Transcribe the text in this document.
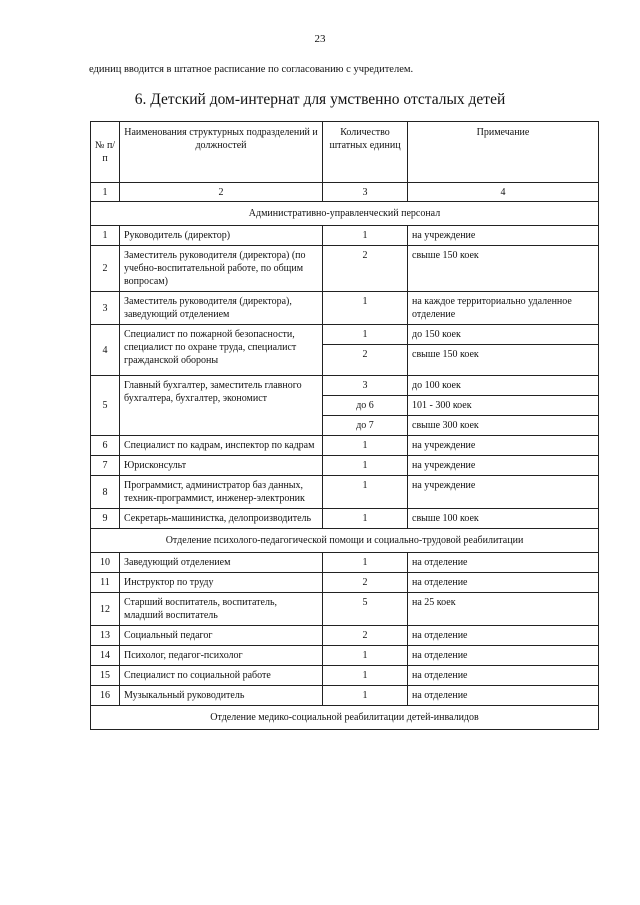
23
единиц вводится в штатное расписание по согласованию с учредителем.
6. Детский дом-интернат для умственно отсталых детей
№ п/п	Наименования структурных подразделений и должностей	Количество штатных единиц	Примечание
1	2	3	4
Административно-управленческий персонал			
1	Руководитель (директор)	1	на учреждение
2	Заместитель руководителя (директора) (по учебно-воспитательной работе, по общим вопросам)	2	свыше 150 коек
3	Заместитель руководителя (директора), заведующий отделением	1	на каждое территориально удаленное отделение
4	Специалист по пожарной безопасности, специалист по охране труда, специалист гражданской обороны	1	до 150 коек
		2	свыше 150 коек
5	Главный бухгалтер, заместитель главного бухгалтера, бухгалтер, экономист	3	до 100 коек
		до 6	101 - 300 коек
		до 7	свыше 300 коек
6	Специалист по кадрам, инспектор по кадрам	1	на учреждение
7	Юрисконсульт	1	на учреждение
8	Программист, администратор баз данных, техник-программист, инженер-электроник	1	на учреждение
9	Секретарь-машинистка, делопроизводитель	1	свыше 100 коек
Отделение психолого-педагогической помощи и социально-трудовой реабилитации			
10	Заведующий отделением	1	на отделение
11	Инструктор по труду	2	на отделение
12	Старший воспитатель, воспитатель, младший воспитатель	5	на 25 коек
13	Социальный педагог	2	на отделение
14	Психолог, педагог-психолог	1	на отделение
15	Специалист по социальной работе	1	на отделение
16	Музыкальный руководитель	1	на отделение
Отделение медико-социальной реабилитации детей-инвалидов			
